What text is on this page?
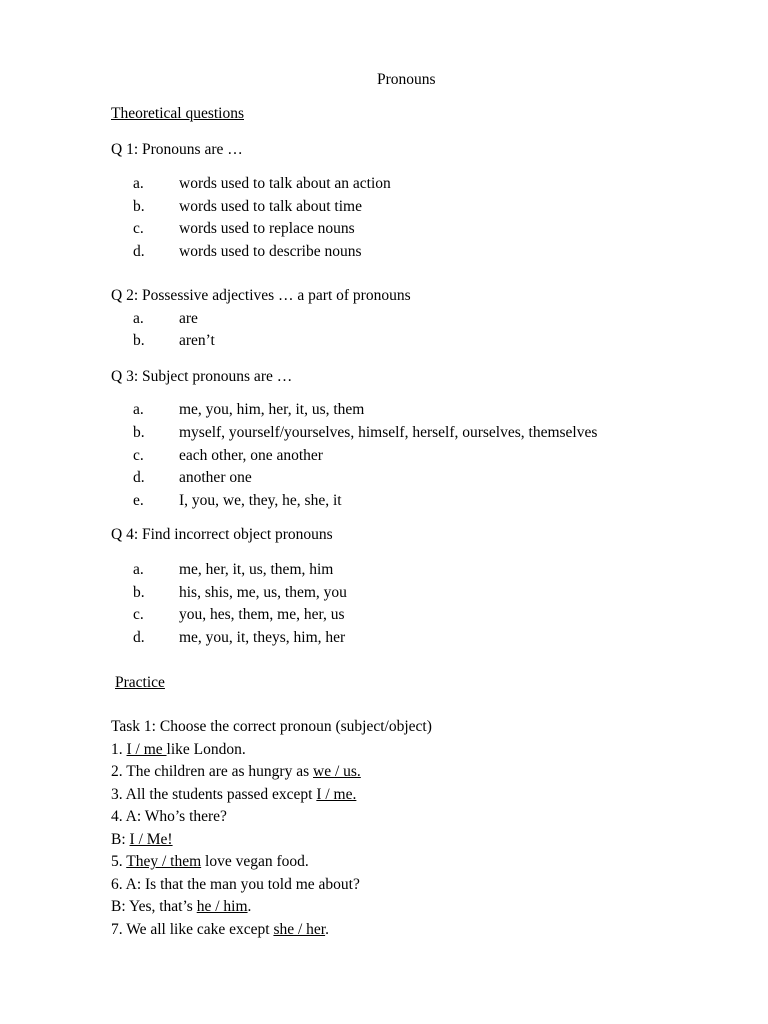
Pronouns
Theoretical questions
Q 1: Pronouns are …
a. words used to talk about an action
b. words used to talk about time
c. words used to replace nouns
d. words used to describe nouns
Q 2: Possessive adjectives … a part of pronouns
a. are
b. aren’t
Q 3: Subject pronouns are …
a. me, you, him, her, it, us, them
b. myself, yourself/yourselves, himself, herself, ourselves, themselves
c. each other, one another
d. another one
e. I, you, we, they, he, she, it
Q 4: Find incorrect object pronouns
a. me, her, it, us, them, him
b. his, shis, me, us, them, you
c. you, hes, them, me, her, us
d. me, you, it, theys, him, her
Practice
Task 1: Choose the correct pronoun (subject/object)
1. I / me like London.
2. The children are as hungry as we / us.
3. All the students passed except I / me.
4. A: Who’s there?
B: I / Me!
5. They / them love vegan food.
6. A: Is that the man you told me about?
B: Yes, that’s he / him.
7. We all like cake except she / her.
